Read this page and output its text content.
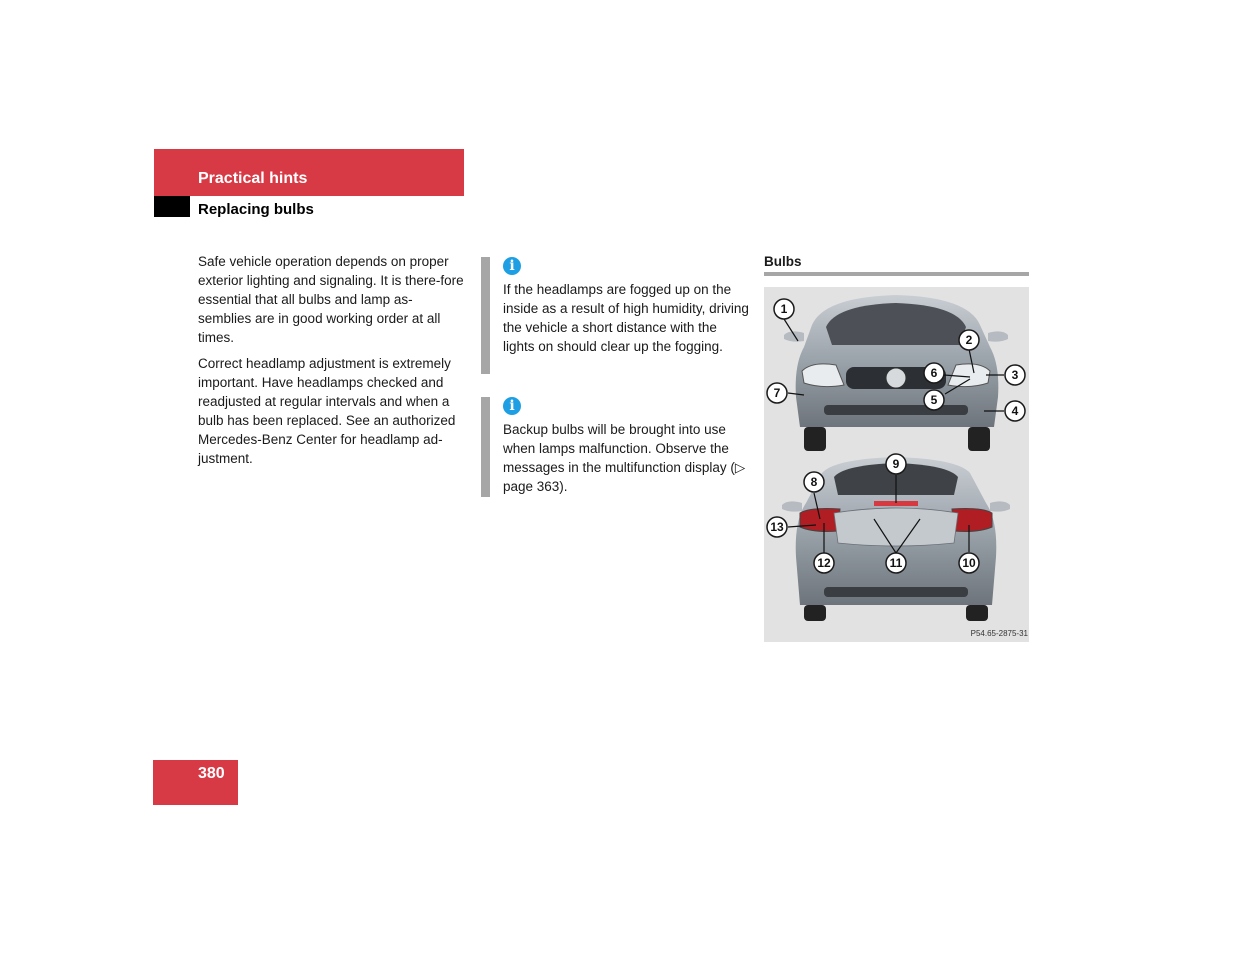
Practical hints
Replacing bulbs

Safe vehicle operation depends on proper exterior lighting and signaling. It is there-fore essential that all bulbs and lamp as-semblies are in good working order at all times.

Correct headlamp adjustment is extremely important. Have headlamps checked and readjusted at regular intervals and when a bulb has been replaced. See an authorized Mercedes-Benz Center for headlamp ad-justment.

i
If the headlamps are fogged up on the inside as a result of high humidity, driving the vehicle a short distance with the lights on should clear up the fogging.
i
Backup bulbs will be brought into use when lamps malfunction. Observe the messages in the multifunction display (▷ page 363).
Bulbs
1
2
3
4
5
6
7
8
9
10
11
12
13
P54.65-2875-31
380
